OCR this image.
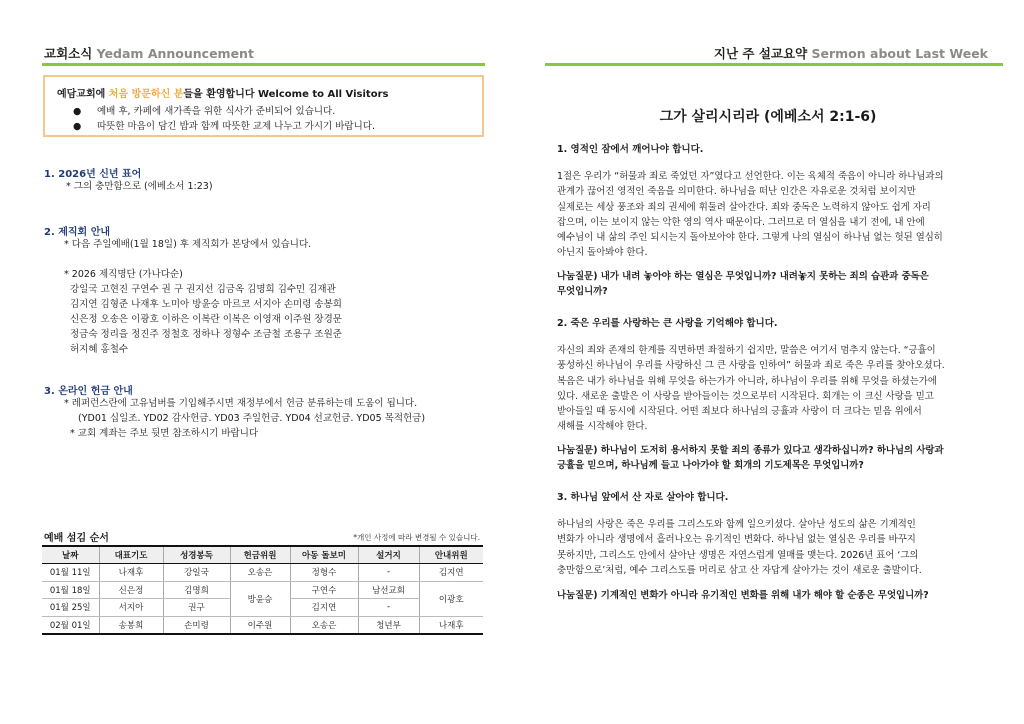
교회소식 Yedam Announcement
예담교회에 처음 방문하신 분들을 환영합니다 Welcome to All Visitors
● 예배 후, 카페에 새가족을 위한 식사가 준비되어 있습니다.
● 따뜻한 마음이 담긴 밥과 함께 따뜻한 교제 나누고 가시기 바랍니다.
1. 2026년 신년 표어
* 그의 충만함으로 (에베소서 1:23)
2. 제직회 안내
* 다음 주일예배(1월 18일) 후 제직회가 본당에서 있습니다.
* 2026 제직명단 (가나다순)
강일국 고현진 구연수 권 구 권지선 김금옥 김명희 김수민 김재관
김지연 김형준 나재후 노미아 방윤승 마르코 서지아 손미령 송봉희
신은정 오송은 이광호 이하은 이복란 이복은 이영재 이주원 장경문
정금숙 정리을 정진주 정철호 정하나 정형수 조금철 조용구 조원준
허지혜 홍철수
3. 온라인 헌금 안내
* 레퍼런스란에 고유넘버를 기입해주시면 재정부에서 헌금 분류하는데 도움이 됩니다.
(YD01 십일조. YD02 감사헌금. YD03 주일헌금. YD04 선교헌금. YD05 목적헌금)
* 교회 계좌는 주보 뒷면 참조하시기 바랍니다
예배 섬김 순서	*개인 사정에 따라 변경될 수 있습니다.
날짜	대표기도	성경봉독	헌금위원	아동 돌보미	설거지	안내위원
01월 11일	나재후	강일국	오송은	정형수	-	김지연
01월 18일	신은정	김명희	방윤승	구연수	남선교회	이광호
01월 25일	서지아	권구		김지연	-	
02월 01일	송봉희	손미령	이주원	오송은	청년부	나재후
지난 주 설교요약 Sermon about Last Week
그가 살리시리라 (에베소서 2:1-6)
1. 영적인 잠에서 깨어나야 합니다.
1절은 우리가 “허물과 죄로 죽었던 자”였다고 선언한다. 이는 육체적 죽음이 아니라 하나님과의
관계가 끊어진 영적인 죽음을 의미한다. 하나님을 떠난 인간은 자유로운 것처럼 보이지만
실제로는 세상 풍조와 죄의 권세에 휘둘려 살아간다. 죄와 중독은 노력하지 않아도 쉽게 자리
잡으며, 이는 보이지 않는 악한 영의 역사 때문이다. 그러므로 더 열심을 내기 전에, 내 안에
예수님이 내 삶의 주인 되시는지 돌아보아야 한다. 그렇게 나의 열심이 하나님 없는 헛된 열심히
아닌지 돌아봐야 한다.
나눔질문) 내가 내려 놓아야 하는 열심은 무엇입니까? 내려놓지 못하는 죄의 습관과 중독은
무엇입니까?
2. 죽은 우리를 사랑하는 큰 사랑을 기억해야 합니다.
자신의 죄와 존재의 한계를 직면하면 좌절하기 쉽지만, 말씀은 여기서 멈추지 않는다. “긍휼이
풍성하신 하나님이 우리를 사랑하신 그 큰 사랑을 인하여” 허물과 죄로 죽은 우리를 찾아오셨다.
복음은 내가 하나님을 위해 무엇을 하는가가 아니라, 하나님이 우리를 위해 무엇을 하셨는가에
있다. 새로운 출발은 이 사랑을 받아들이는 것으로부터 시작된다. 회개는 이 크신 사랑을 믿고
받아들일 때 동시에 시작된다. 어떤 죄보다 하나님의 긍휼과 사랑이 더 크다는 믿음 위에서
새해를 시작해야 한다.
나눔질문) 하나님이 도저히 용서하지 못할 죄의 종류가 있다고 생각하십니까? 하나님의 사랑과
긍휼을 믿으며, 하나님께 들고 나아가야 할 회개의 기도제목은 무엇입니까?
3. 하나님 앞에서 산 자로 살아야 합니다.
하나님의 사랑은 죽은 우리를 그리스도와 함께 일으키셨다. 살아난 성도의 삶은 기계적인
변화가 아니라 생명에서 흘러나오는 유기적인 변화다. 하나님 없는 열심은 우리를 바꾸지
못하지만, 그리스도 안에서 살아난 생명은 자연스럽게 열매를 맺는다. 2026년 표어 ‘그의
충만함으로’처럼, 예수 그리스도를 머리로 삼고 산 자답게 살아가는 것이 새로운 출발이다.
나눔질문) 기계적인 변화가 아니라 유기적인 변화를 위해 내가 해야 할 순종은 무엇입니까?
